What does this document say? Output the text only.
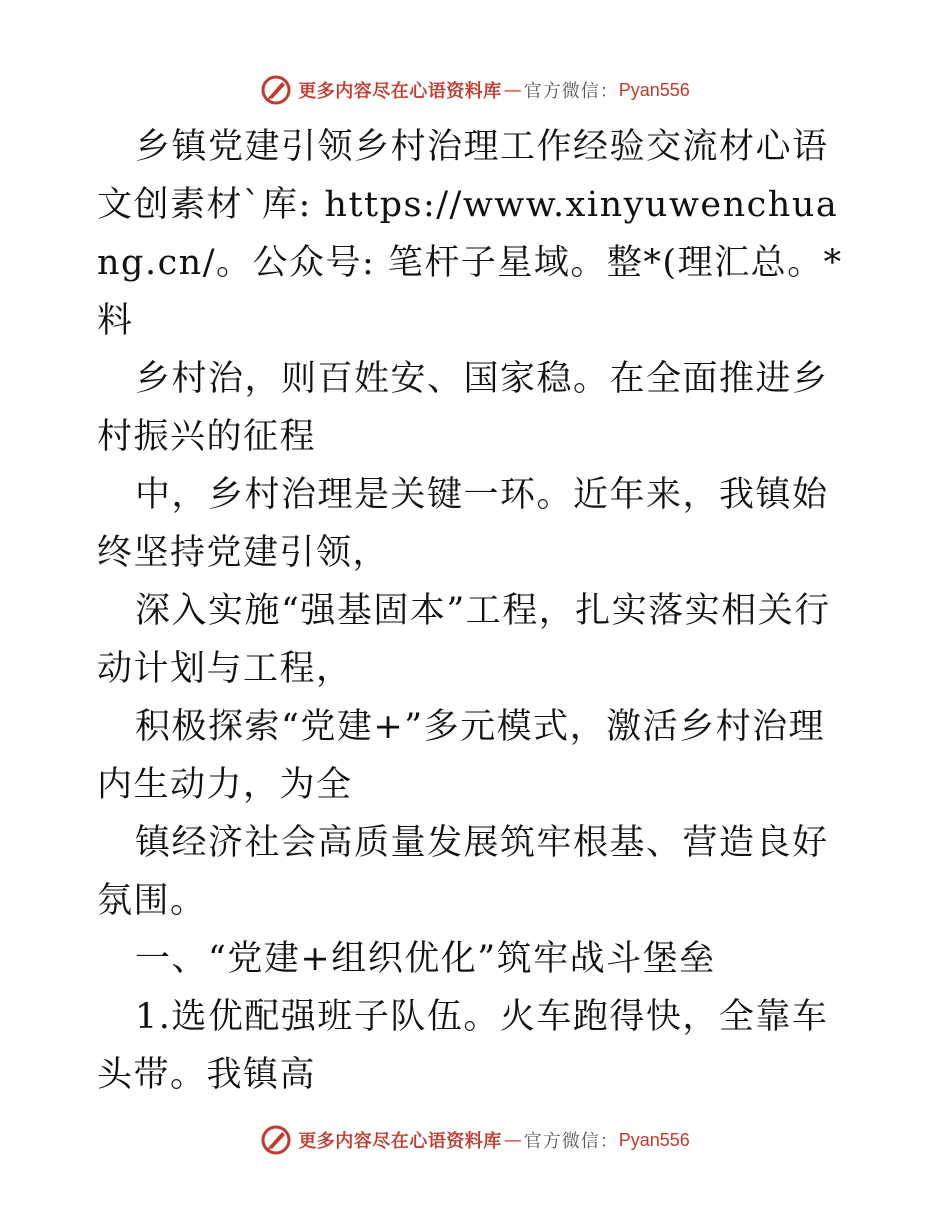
更多内容尽在心语资料库 — 官方微信： Pyan556

乡镇党建引领乡村治理工作经验交流材心语文创素材`库: https://www.xinyuwenchuang.cn/。公众号: 笔杆子星域。整*(理汇总。*料

乡村治，则百姓安、国家稳。在全面推进乡村振兴的征程

中，乡村治理是关键一环。近年来，我镇始终坚持党建引领，

深入实施“强基固本”工程，扎实落实相关行动计划与工程，

积极探索“党建+”多元模式，激活乡村治理内生动力，为全

镇经济社会高质量发展筑牢根基、营造良好氛围。

一、“党建+组织优化”筑牢战斗堡垒

1.选优配强班子队伍。火车跑得快，全靠车头带。我镇高

更多内容尽在心语资料库 — 官方微信： Pyan556
